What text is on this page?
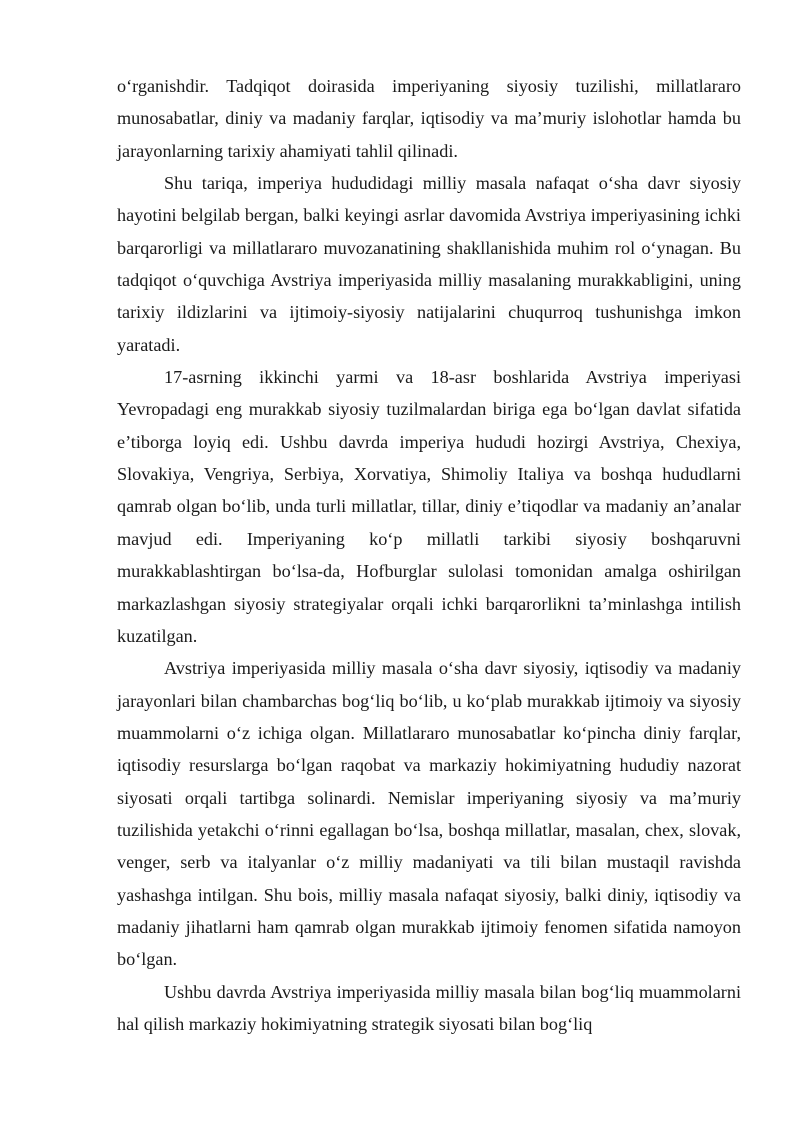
o‘rganishdir. Tadqiqot doirasida imperiyaning siyosiy tuzilishi, millatlararo munosabatlar, diniy va madaniy farqlar, iqtisodiy va ma’muriy islohotlar hamda bu jarayonlarning tarixiy ahamiyati tahlil qilinadi.

Shu tariqa, imperiya hududidagi milliy masala nafaqat o‘sha davr siyosiy hayotini belgilab bergan, balki keyingi asrlar davomida Avstriya imperiyasining ichki barqarorligi va millatlararo muvozanatining shakllanishida muhim rol o‘ynagan. Bu tadqiqot o‘quvchiga Avstriya imperiyasida milliy masalaning murakkabligini, uning tarixiy ildizlarini va ijtimoiy-siyosiy natijalarini chuqurroq tushunishga imkon yaratadi.

17-asrning ikkinchi yarmi va 18-asr boshlarida Avstriya imperiyasi Yevropadagi eng murakkab siyosiy tuzilmalardan biriga ega bo‘lgan davlat sifatida e’tiborga loyiq edi. Ushbu davrda imperiya hududi hozirgi Avstriya, Chexiya, Slovakiya, Vengriya, Serbiya, Xorvatiya, Shimoliy Italiya va boshqa hududlarni qamrab olgan bo‘lib, unda turli millatlar, tillar, diniy e’tiqodlar va madaniy an’analar mavjud edi. Imperiyaning ko‘p millatli tarkibi siyosiy boshqaruvni murakkablashtirgan bo‘lsa-da, Hofburglar sulolasi tomonidan amalga oshirilgan markazlashgan siyosiy strategiyalar orqali ichki barqarorlikni ta’minlashga intilish kuzatilgan.

Avstriya imperiyasida milliy masala o‘sha davr siyosiy, iqtisodiy va madaniy jarayonlari bilan chambarchas bog‘liq bo‘lib, u ko‘plab murakkab ijtimoiy va siyosiy muammolarni o‘z ichiga olgan. Millatlararo munosabatlar ko‘pincha diniy farqlar, iqtisodiy resurslarga bo‘lgan raqobat va markaziy hokimiyatning hududiy nazorat siyosati orqali tartibga solinardi. Nemislar imperiyaning siyosiy va ma’muriy tuzilishida yetakchi o‘rinni egallagan bo‘lsa, boshqa millatlar, masalan, chex, slovak, venger, serb va italyanlar o‘z milliy madaniyati va tili bilan mustaqil ravishda yashashga intilgan. Shu bois, milliy masala nafaqat siyosiy, balki diniy, iqtisodiy va madaniy jihatlarni ham qamrab olgan murakkab ijtimoiy fenomen sifatida namoyon bo‘lgan.

Ushbu davrda Avstriya imperiyasida milliy masala bilan bog‘liq muammolarni hal qilish markaziy hokimiyatning strategik siyosati bilan bog‘liq
